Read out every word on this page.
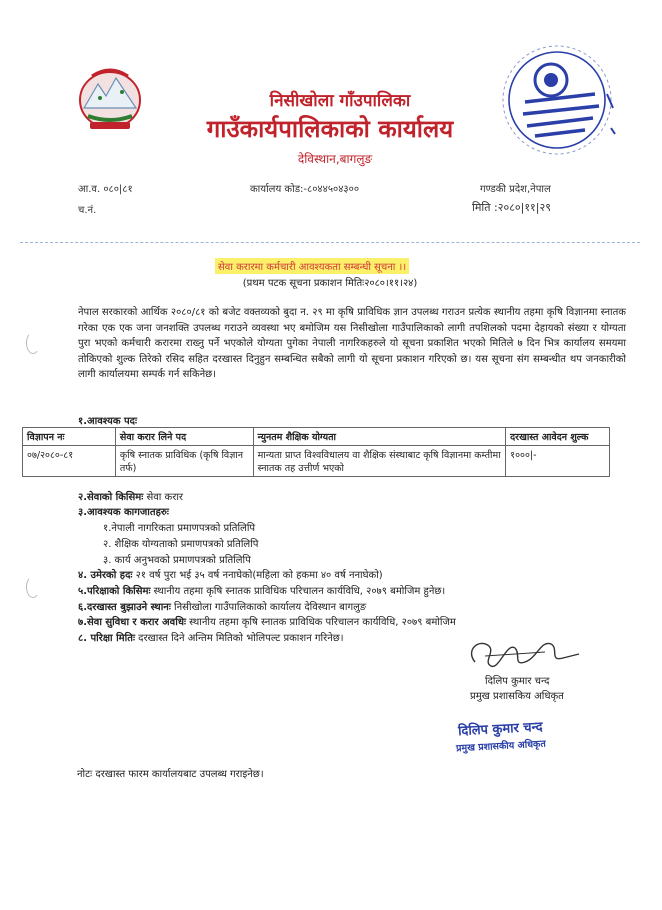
निसीखोला गाँउपालिका
गाउँकार्यपालिकाको कार्यालय
देविस्थान,बागलुङ
आ.व. ०८०|८१
च.नं.
कार्यालय कोड:-८०४४५०४३००	गण्डकी प्रदेश,नेपाल
मिति :२०८०|११|२९
सेवा करारमा कर्मचारी आवश्यकता सम्बन्धी सूचना ।।
(प्रथम पटक सूचना प्रकाशन मितिः२०८०।११।२४)
नेपाल सरकारको आर्थिक २०८०/८१ को बजेट वक्तव्यको बुदा न. २९ मा कृषि प्राविधिक ज्ञान उपलब्ध गराउन प्रत्येक स्थानीय तहमा कृषि विज्ञानमा स्नातक गरेका एक एक जना जनशक्ति उपलब्ध गराउने व्यवस्था भए बमोजिम यस निसीखोला गाउँपालिकाको लागी तपशिलको पदमा देहायको संख्या र योग्यता पुरा भएको कर्मचारी करारमा राख्नु पर्ने भएकोले योग्यता पुगेका नेपाली नागरिकहरुले यो सूचना प्रकाशित भएको मितिले ७ दिन भित्र कार्यालय समयमा तोकिएको शुल्क तिरेको रसिद सहित दरखास्त दिनुहुन सम्बन्धित सबैको लागी यो सूचना प्रकाशन गरिएको छ। यस सूचना संग सम्बन्धीत थप जनकारीको लागी कार्यालयमा सम्पर्क गर्न सकिनेछ।
१.आवश्यक पदः
विज्ञापन नः	सेवा करार लिने पद	न्युनतम शैक्षिक योग्यता	दरखास्त आवेदन शुल्क
०७/२०८०-८१	कृषि स्नातक प्राविधिक (कृषि विज्ञान तर्फ)	मान्यता प्राप्त विश्वविधालय वा शैक्षिक संस्थाबाट कृषि विज्ञानमा कम्तीमा स्नातक तह उत्तीर्ण भएको	१०००|-
२.सेवाको किसिमः सेवा करार
३.आवश्यक कागजातहरुः
१.नेपाली नागरिकता प्रमाणपत्रको प्रतिलिपि
२. शैक्षिक योग्यताको प्रमाणपत्रको प्रतिलिपि
३. कार्य अनुभवको प्रमाणपत्रको प्रतिलिपि
४. उमेरको हदः २१ वर्ष पुरा भई ३५ वर्ष ननाघेको(महिला को हकमा ४० वर्ष ननाघेको)
५.परिक्षाको किसिमः स्थानीय तहमा कृषि स्नातक प्राविधिक परिचालन कार्यविधि, २०७९ बमोजिम हुनेछ।
६.दरखास्त बुझाउने स्थानः निसीखोला गाउँपालिकाको कार्यालय देविस्थान बागलुङ
७.सेवा सुविधा र करार अवधिः स्थानीय तहमा कृषि स्नातक प्राविधिक परिचालन कार्यविधि, २०७९ बमोजिम
८. परिक्षा मितिः दरखास्त दिने अन्तिम मितिको भोलिपल्ट प्रकाशन गरिनेछ।
दिलिप कुमार चन्द
प्रमुख प्रशासकिय अधिकृत
दिलिप कुमार चन्द
प्रमुख प्रशासकीय अधिकृत
नोटः दरखास्त फारम कार्यालयबाट उपलब्ध गराइनेछ।
